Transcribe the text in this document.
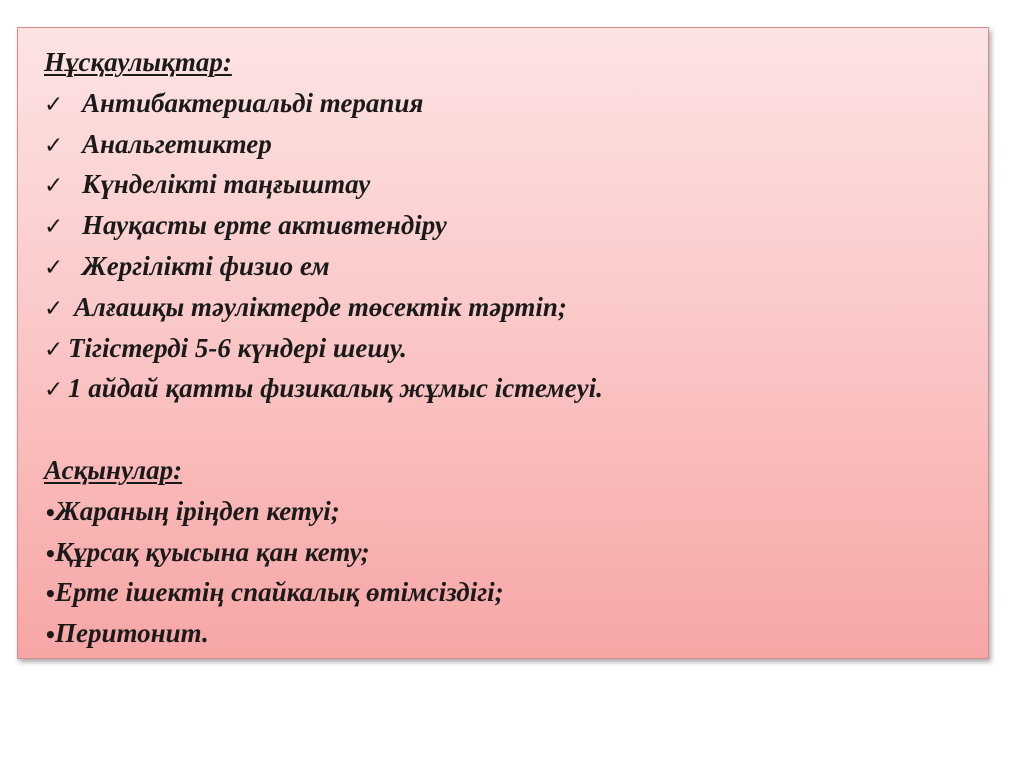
Нұсқаулықтар:
✓ Антибактериальді терапия
✓ Анальгетиктер
✓ Күнделікті таңғыштау
✓ Науқасты ерте активтендіру
✓ Жергілікті физио ем
✓ Алғашқы тәуліктерде төсектік тәртіп;
✓ Тігістерді 5-6 күндері шешу.
✓ 1 айдай қатты физикалық жұмыс істемеуі.
Асқынулар:
•Жараның іріңдеп кетуі;
•Құрсақ қуысына қан кету;
•Ерте ішектің спайкалық өтімсіздігі;
•Перитонит.
